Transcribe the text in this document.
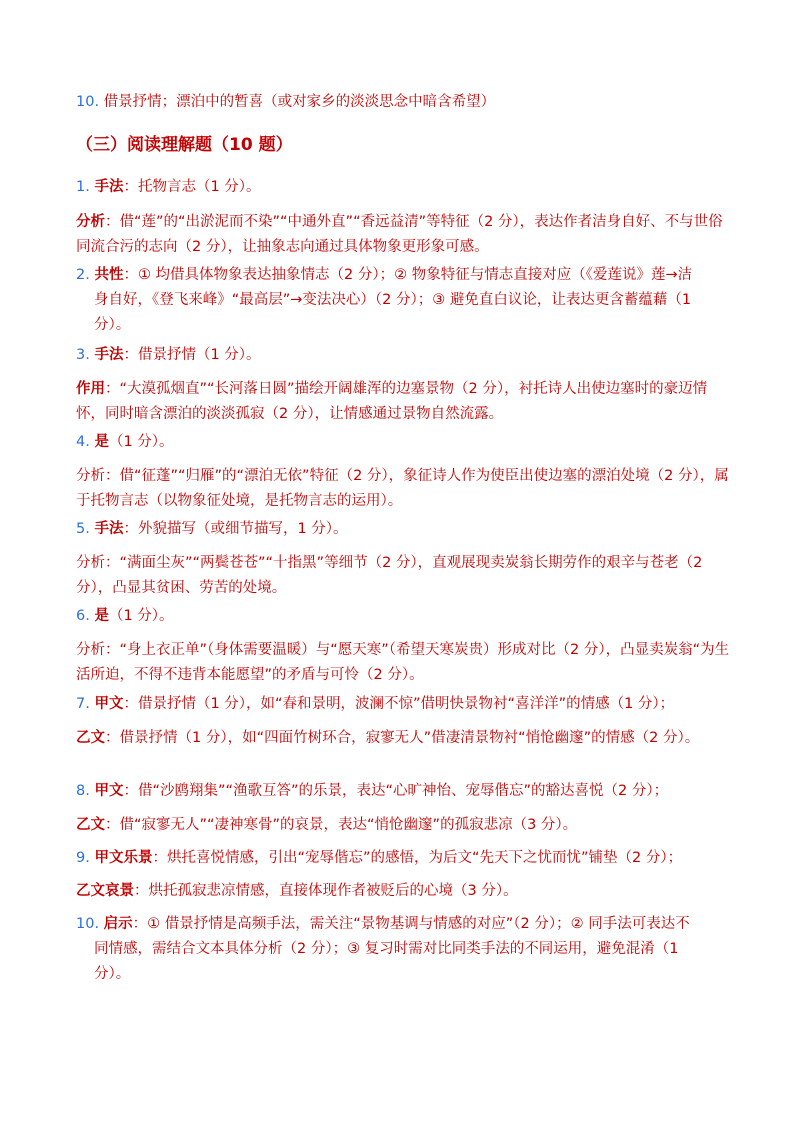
10. 借景抒情；漂泊中的暂喜（或对家乡的淡淡思念中暗含希望）
（三）阅读理解题（10 题）
1. 手法：托物言志（1 分）。
分析：借“莲”的“出淤泥而不染”“中通外直”“香远益清”等特征（2 分），表达作者洁身自好、不与世俗同流合污的志向（2 分），让抽象志向通过具体物象更形象可感。
2. 共性：① 均借具体物象表达抽象情志（2 分）；② 物象特征与情志直接对应（《爱莲说》莲→洁
身自好，《登飞来峰》“最高层”→变法决心）（2 分）；③ 避免直白议论，让表达更含蓄蕴藉（1
分）。
3. 手法：借景抒情（1 分）。
作用：“大漠孤烟直”“长河落日圆”描绘开阔雄浑的边塞景物（2 分），衬托诗人出使边塞时的豪迈情怀，同时暗含漂泊的淡淡孤寂（2 分），让情感通过景物自然流露。
4. 是（1 分）。
分析：借“征蓬”“归雁”的“漂泊无依”特征（2 分），象征诗人作为使臣出使边塞的漂泊处境（2 分），属于托物言志（以物象征处境，是托物言志的运用）。
5. 手法：外貌描写（或细节描写，1 分）。
分析：“满面尘灰”“两鬓苍苍”“十指黑”等细节（2 分），直观展现卖炭翁长期劳作的艰辛与苍老（2 分），凸显其贫困、劳苦的处境。
6. 是（1 分）。
分析：“身上衣正单”（身体需要温暖）与“愿天寒”（希望天寒炭贵）形成对比（2 分），凸显卖炭翁“为生活所迫，不得不违背本能愿望”的矛盾与可怜（2 分）。
7. 甲文：借景抒情（1 分），如“春和景明，波澜不惊”借明快景物衬“喜洋洋”的情感（1 分）；
乙文：借景抒情（1 分），如“四面竹树环合，寂寥无人”借凄清景物衬“悄怆幽邃”的情感（2 分）。
8. 甲文：借“沙鸥翔集”“渔歌互答”的乐景，表达“心旷神怡、宠辱偕忘”的豁达喜悦（2 分）；
乙文：借“寂寥无人”“凄神寒骨”的哀景，表达“悄怆幽邃”的孤寂悲凉（3 分）。
9. 甲文乐景：烘托喜悦情感，引出“宠辱偕忘”的感悟，为后文“先天下之忧而忧”铺垫（2 分）；
乙文哀景：烘托孤寂悲凉情感，直接体现作者被贬后的心境（3 分）。
10. 启示：① 借景抒情是高频手法，需关注“景物基调与情感的对应”（2 分）；② 同手法可表达不
同情感，需结合文本具体分析（2 分）；③ 复习时需对比同类手法的不同运用，避免混淆（1
分）。
